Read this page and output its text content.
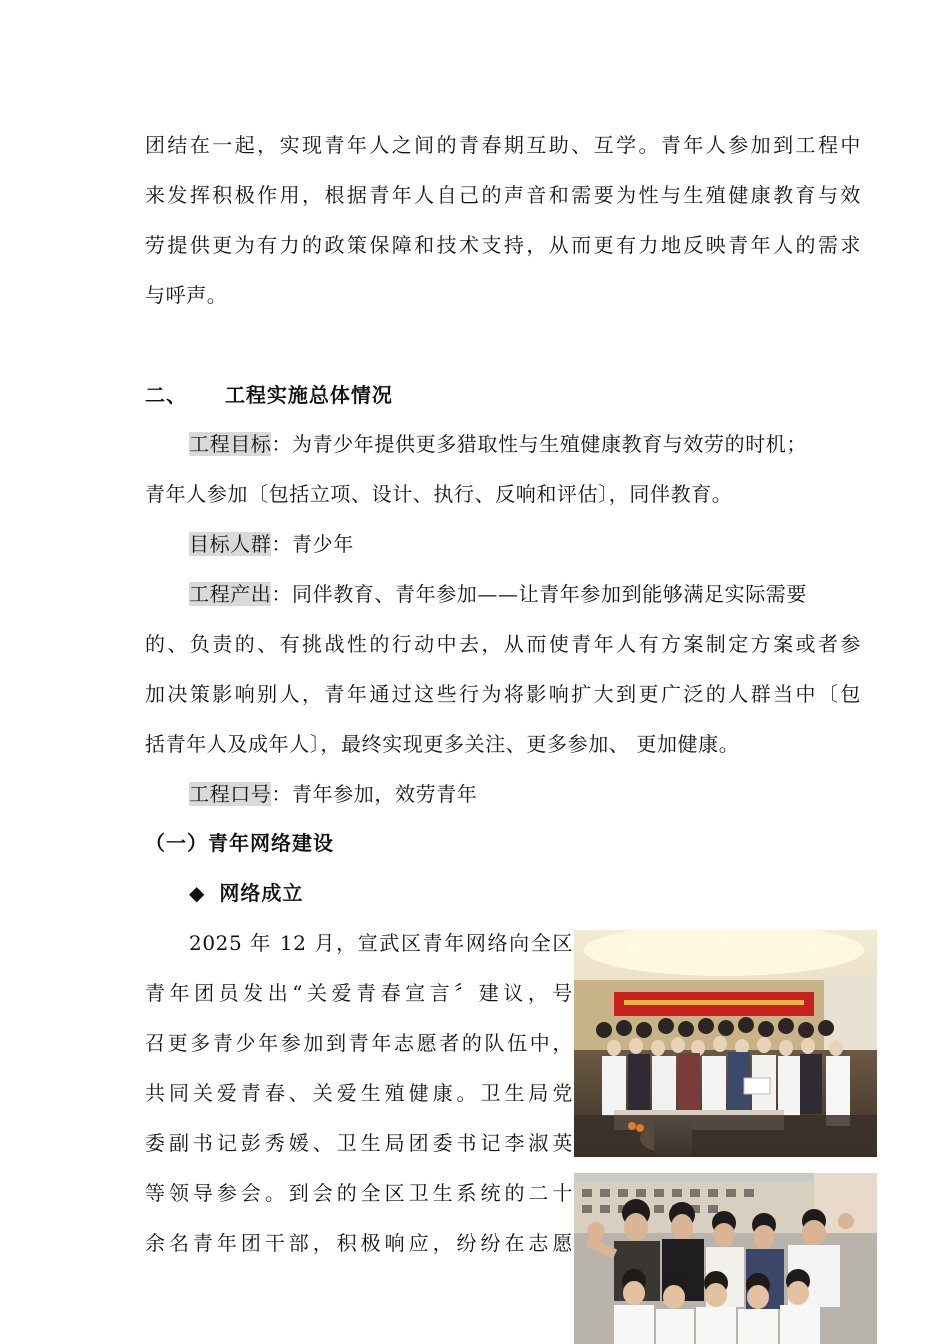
团结在一起，实现青年人之间的青春期互助、互学。青年人参加到工程中
来发挥积极作用，根据青年人自己的声音和需要为性与生殖健康教育与效
劳提供更为有力的政策保障和技术支持，从而更有力地反映青年人的需求
与呼声。
二、 工程实施总体情况
工程目标：为青少年提供更多猎取性与生殖健康教育与效劳的时机；
青年人参加〔包括立项、设计、执行、反响和评估〕，同伴教育。
目标人群：青少年
工程产出：同伴教育、青年参加——让青年参加到能够满足实际需要
的、负责的、有挑战性的行动中去，从而使青年人有方案制定方案或者参
加决策影响别人，青年通过这些行为将影响扩大到更广泛的人群当中〔包
括青年人及成年人〕，最终实现更多关注、更多参加、 更加健康。
工程口号：青年参加，效劳青年
（一）青年网络建设
◆ 网络成立
2025 年 12 月，宣武区青年网络向全区
青年团员发出“关爱青春宣言〞建议，号
召更多青少年参加到青年志愿者的队伍中，
共同关爱青春、关爱生殖健康。卫生局党
委副书记彭秀媛、卫生局团委书记李淑英
等领导参会。到会的全区卫生系统的二十
余名青年团干部，积极响应，纷纷在志愿
